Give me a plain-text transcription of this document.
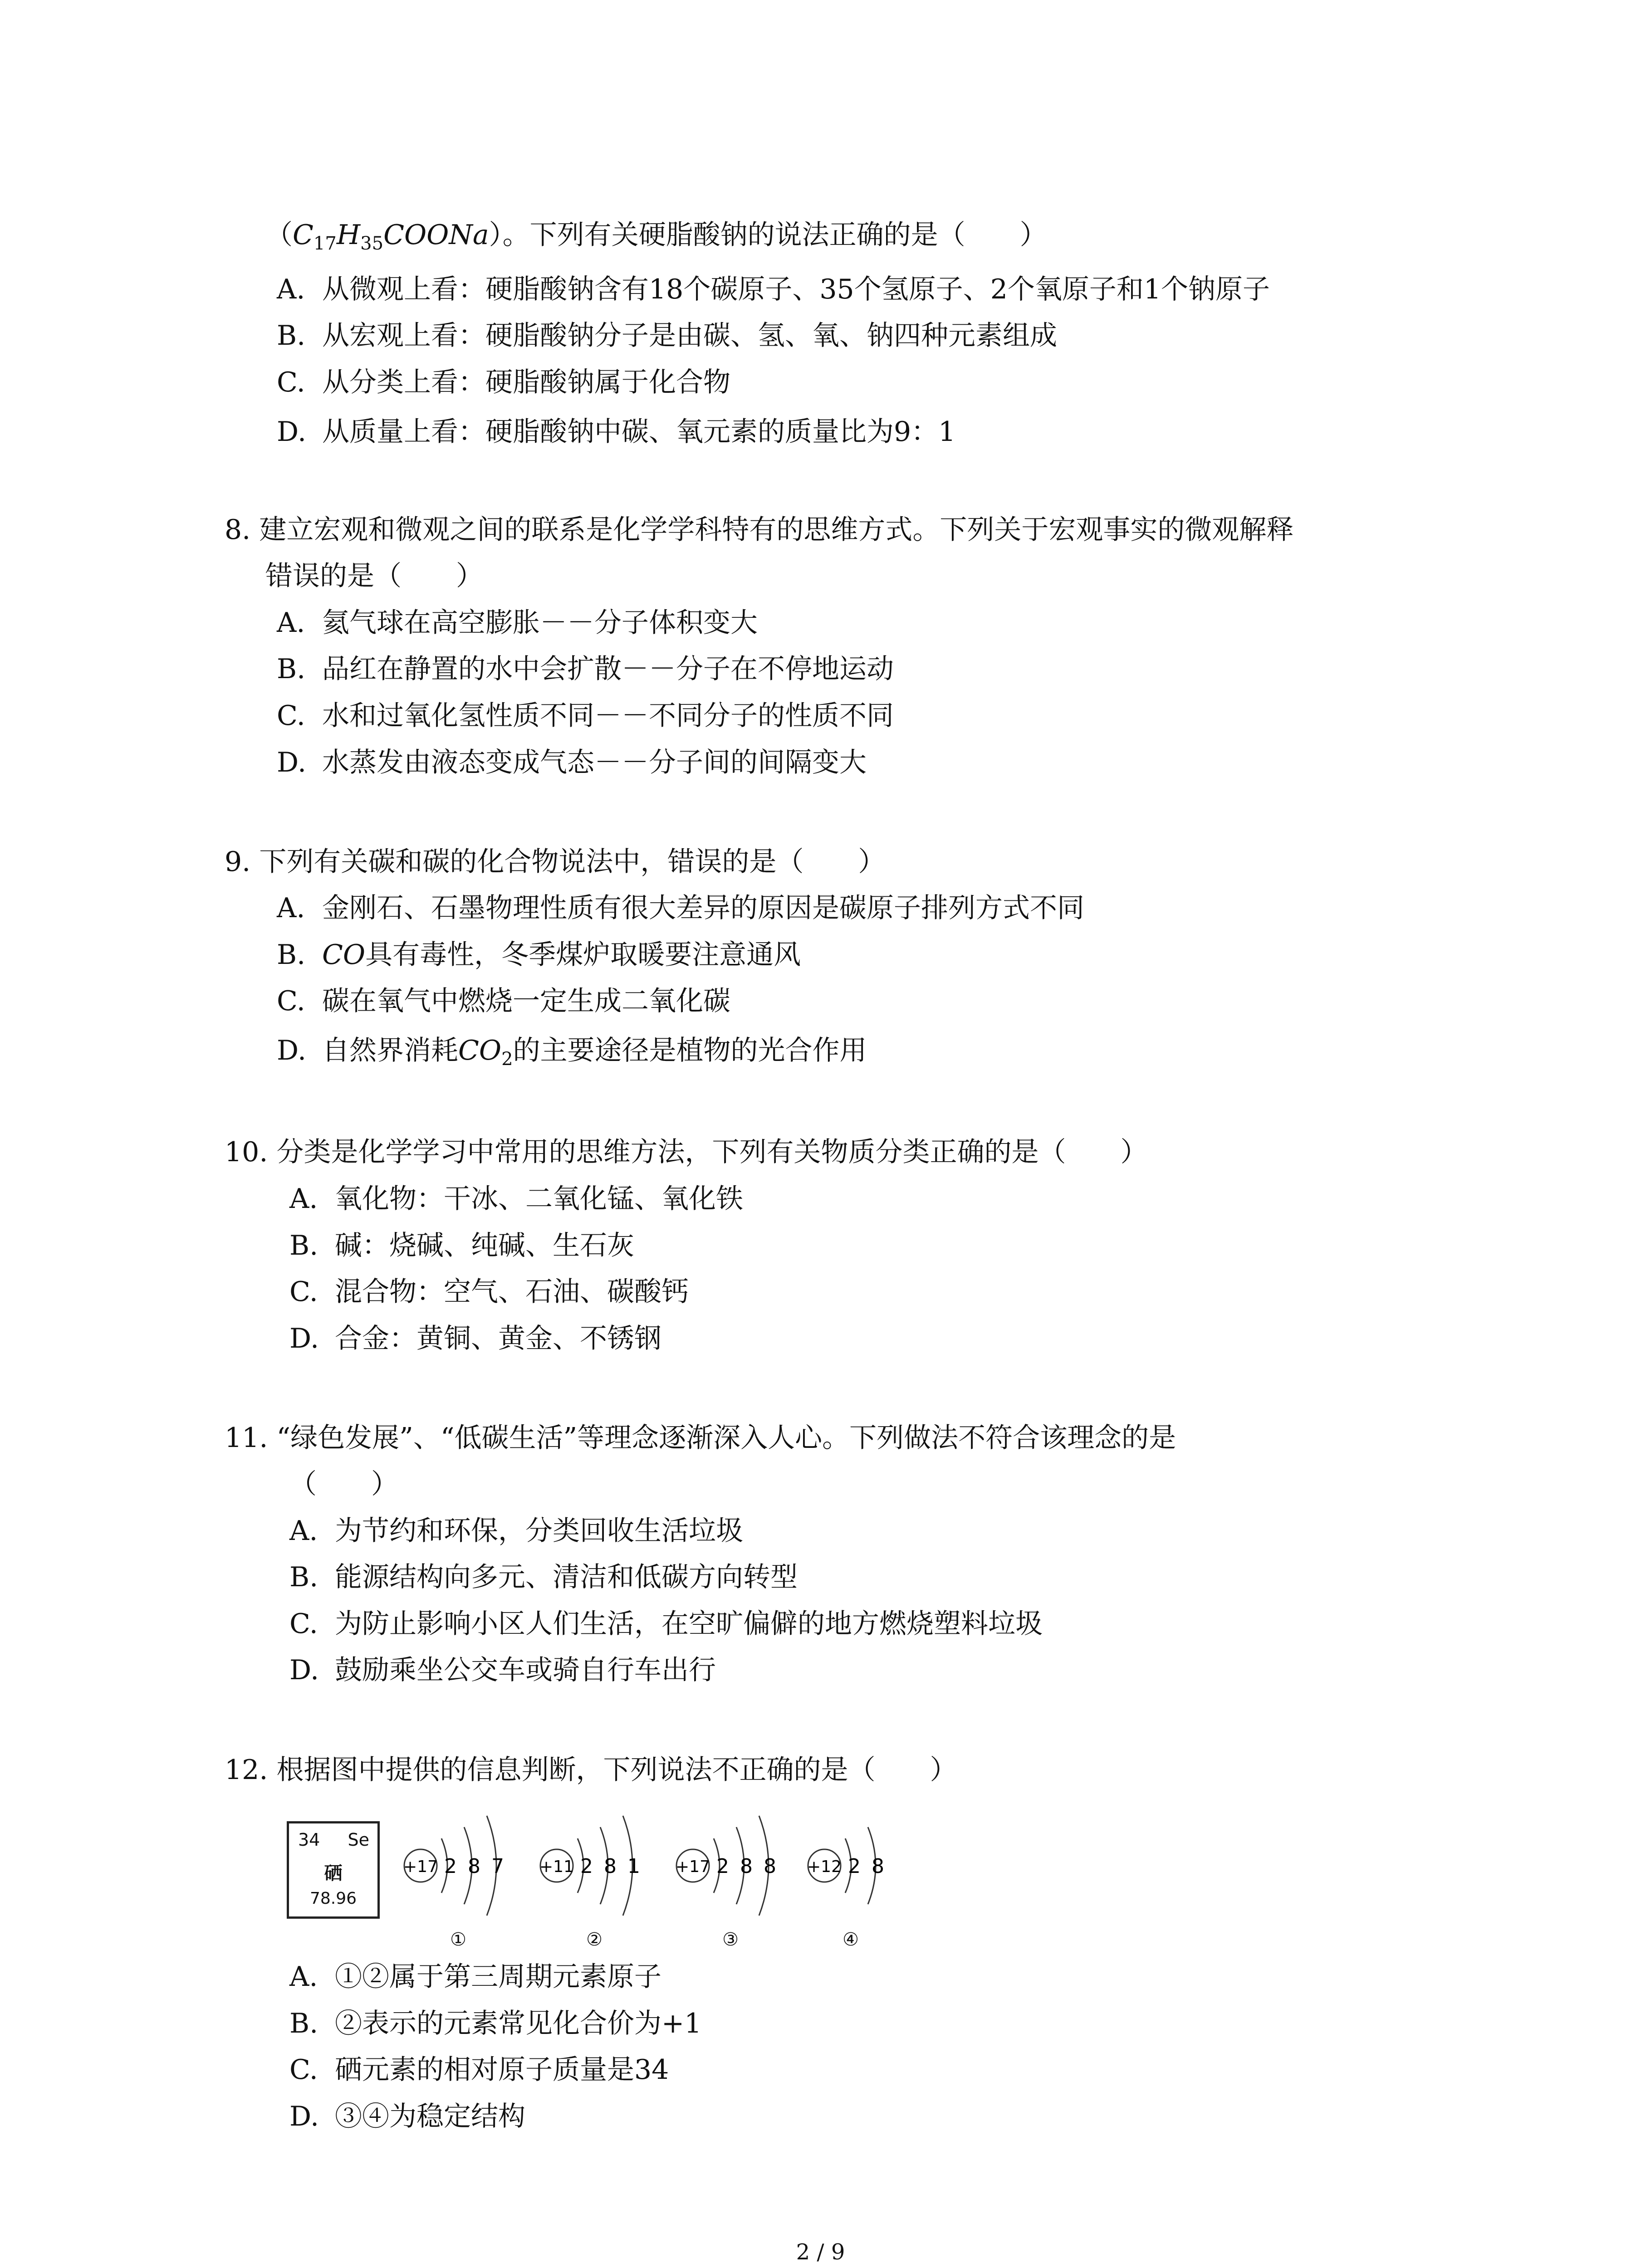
$(C_{17}H_{35}COONa)$。下列有关硬脂酸钠的说法正确的是（　　）
A. 从微观上看：硬脂酸钠含有18个碳原子、35个氢原子、2个氧原子和1个钠原子
B. 从宏观上看：硬脂酸钠分子是由碳、氢、氧、钠四种元素组成
C. 从分类上看：硬脂酸钠属于化合物
D. 从质量上看：硬脂酸钠中碳、氧元素的质量比为9：1
8. 建立宏观和微观之间的联系是化学学科特有的思维方式。下列关于宏观事实的微观解释
错误的是（　　）
A. 氦气球在高空膨胀－－分子体积变大
B. 品红在静置的水中会扩散－－分子在不停地运动
C. 水和过氧化氢性质不同－－不同分子的性质不同
D. 水蒸发由液态变成气态－－分子间的间隔变大
9. 下列有关碳和碳的化合物说法中，错误的是（　　）
A. 金刚石、石墨物理性质有很大差异的原因是碳原子排列方式不同
B. CO具有毒性，冬季煤炉取暖要注意通风
C. 碳在氧气中燃烧一定生成二氧化碳
D. 自然界消耗$CO_2$的主要途径是植物的光合作用
10. 分类是化学学习中常用的思维方法，下列有关物质分类正确的是（　　）
A. 氧化物：干冰、二氧化锰、氧化铁
B. 碱：烧碱、纯碱、生石灰
C. 混合物：空气、石油、碳酸钙
D. 合金：黄铜、黄金、不锈钢
11. “绿色发展”、“低碳生活”等理念逐渐深入人心。下列做法不符合该理念的是
（　　）
A. 为节约和环保，分类回收生活垃圾
B. 能源结构向多元、清洁和低碳方向转型
C. 为防止影响小区人们生活，在空旷偏僻的地方燃烧塑料垃圾
D. 鼓励乘坐公交车或骑自行车出行
12. 根据图中提供的信息判断，下列说法不正确的是（　　）
34 Se
硒
78.96
+17 2 8 7
①
+11 2 8 1
②
+17 2 8 8
③
+12 2 8
④
A. ①②属于第三周期元素原子
B. ②表示的元素常见化合价为+1
C. 硒元素的相对原子质量是34
D. ③④为稳定结构
2 / 9
